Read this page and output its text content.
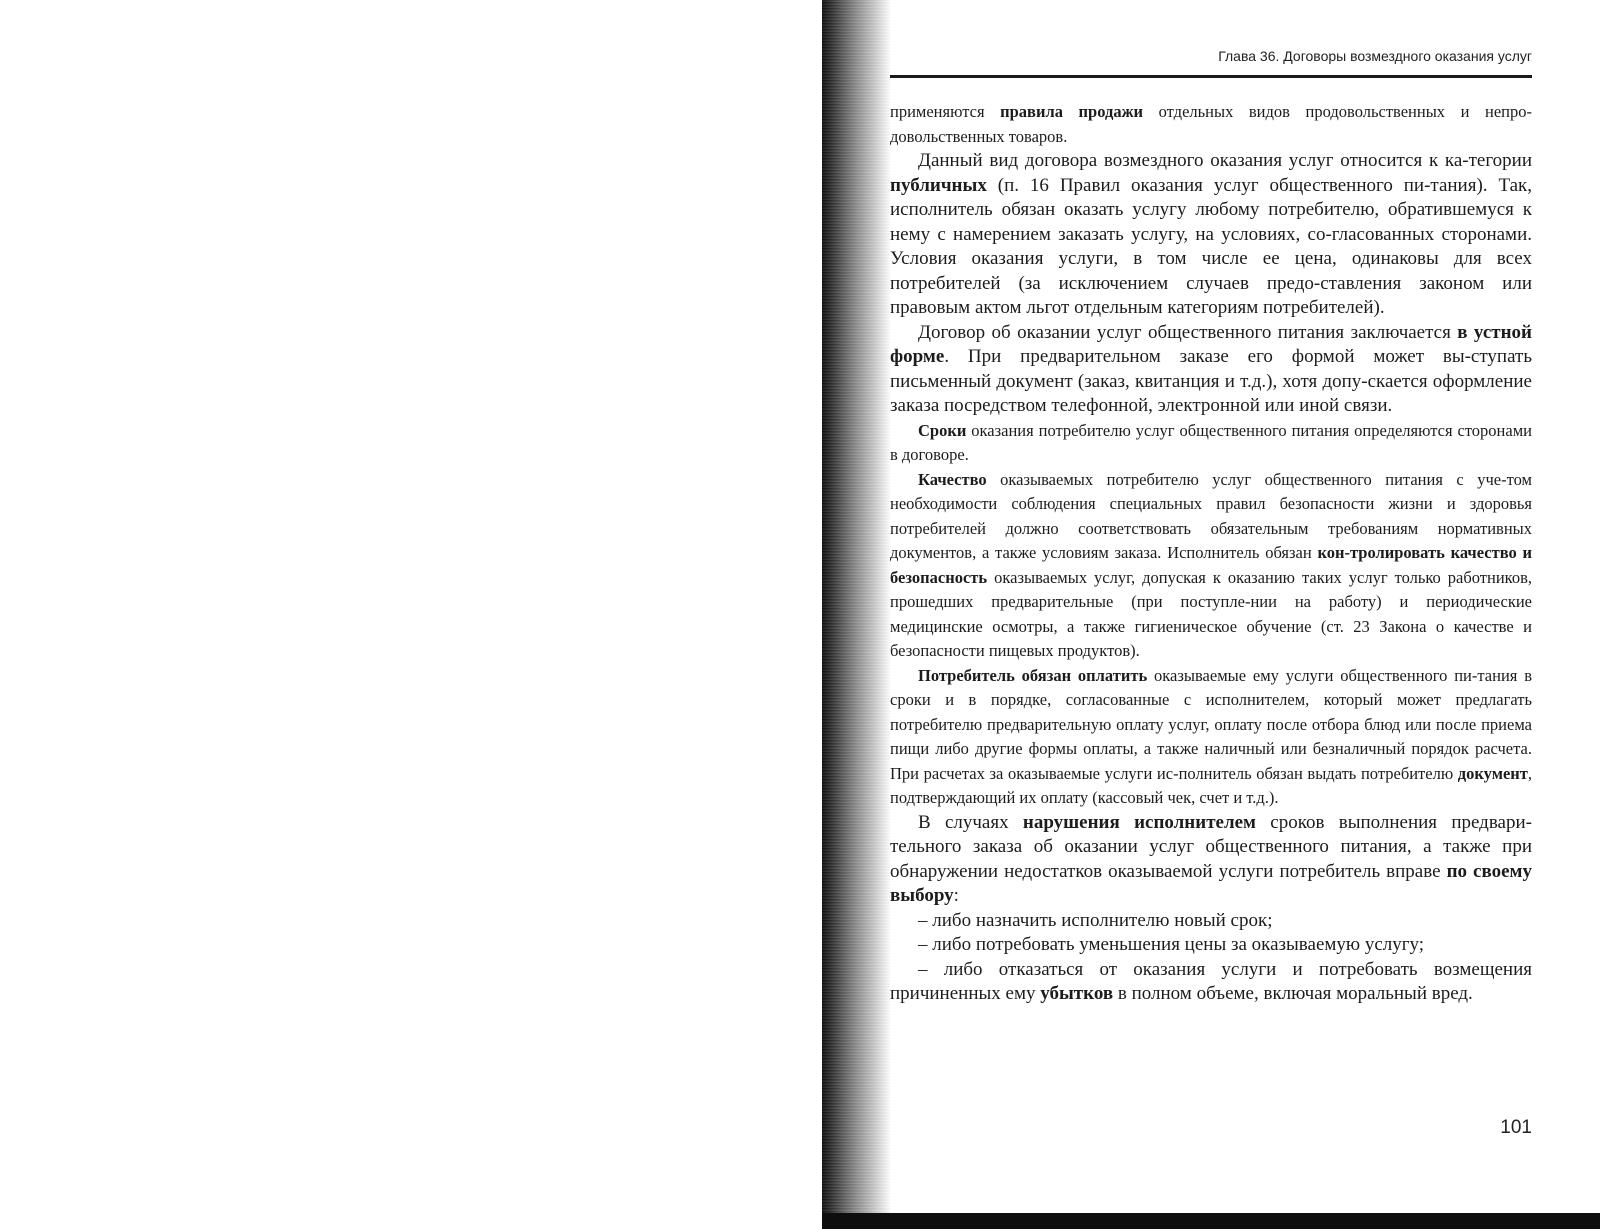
Глава 36. Договоры возмездного оказания услуг

применяются правила продажи отдельных видов продовольственных и непро-довольственных товаров.

Данный вид договора возмездного оказания услуг относится к ка-тегории публичных (п. 16 Правил оказания услуг общественного пи-тания). Так, исполнитель обязан оказать услугу любому потребителю, обратившемуся к нему с намерением заказать услугу, на условиях, со-гласованных сторонами. Условия оказания услуги, в том числе ее цена, одинаковы для всех потребителей (за исключением случаев предо-ставления законом или правовым актом льгот отдельным категориям потребителей).

Договор об оказании услуг общественного питания заключается в устной форме. При предварительном заказе его формой может вы-ступать письменный документ (заказ, квитанция и т.д.), хотя допу-скается оформление заказа посредством телефонной, электронной или иной связи.

Сроки оказания потребителю услуг общественного питания определяются сторонами в договоре.

Качество оказываемых потребителю услуг общественного питания с уче-том необходимости соблюдения специальных правил безопасности жизни и здоровья потребителей должно соответствовать обязательным требованиям нормативных документов, а также условиям заказа. Исполнитель обязан кон-тролировать качество и безопасность оказываемых услуг, допуская к оказанию таких услуг только работников, прошедших предварительные (при поступле-нии на работу) и периодические медицинские осмотры, а также гигиеническое обучение (ст. 23 Закона о качестве и безопасности пищевых продуктов).

Потребитель обязан оплатить оказываемые ему услуги общественного пи-тания в сроки и в порядке, согласованные с исполнителем, который может предлагать потребителю предварительную оплату услуг, оплату после отбора блюд или после приема пищи либо другие формы оплаты, а также наличный или безналичный порядок расчета. При расчетах за оказываемые услуги ис-полнитель обязан выдать потребителю документ, подтверждающий их оплату (кассовый чек, счет и т.д.).

В случаях нарушения исполнителем сроков выполнения предвари-тельного заказа об оказании услуг общественного питания, а также при обнаружении недостатков оказываемой услуги потребитель вправе по своему выбору:

– либо назначить исполнителю новый срок;

– либо потребовать уменьшения цены за оказываемую услугу;

– либо отказаться от оказания услуги и потребовать возмещения причиненных ему убытков в полном объеме, включая моральный вред.

101
